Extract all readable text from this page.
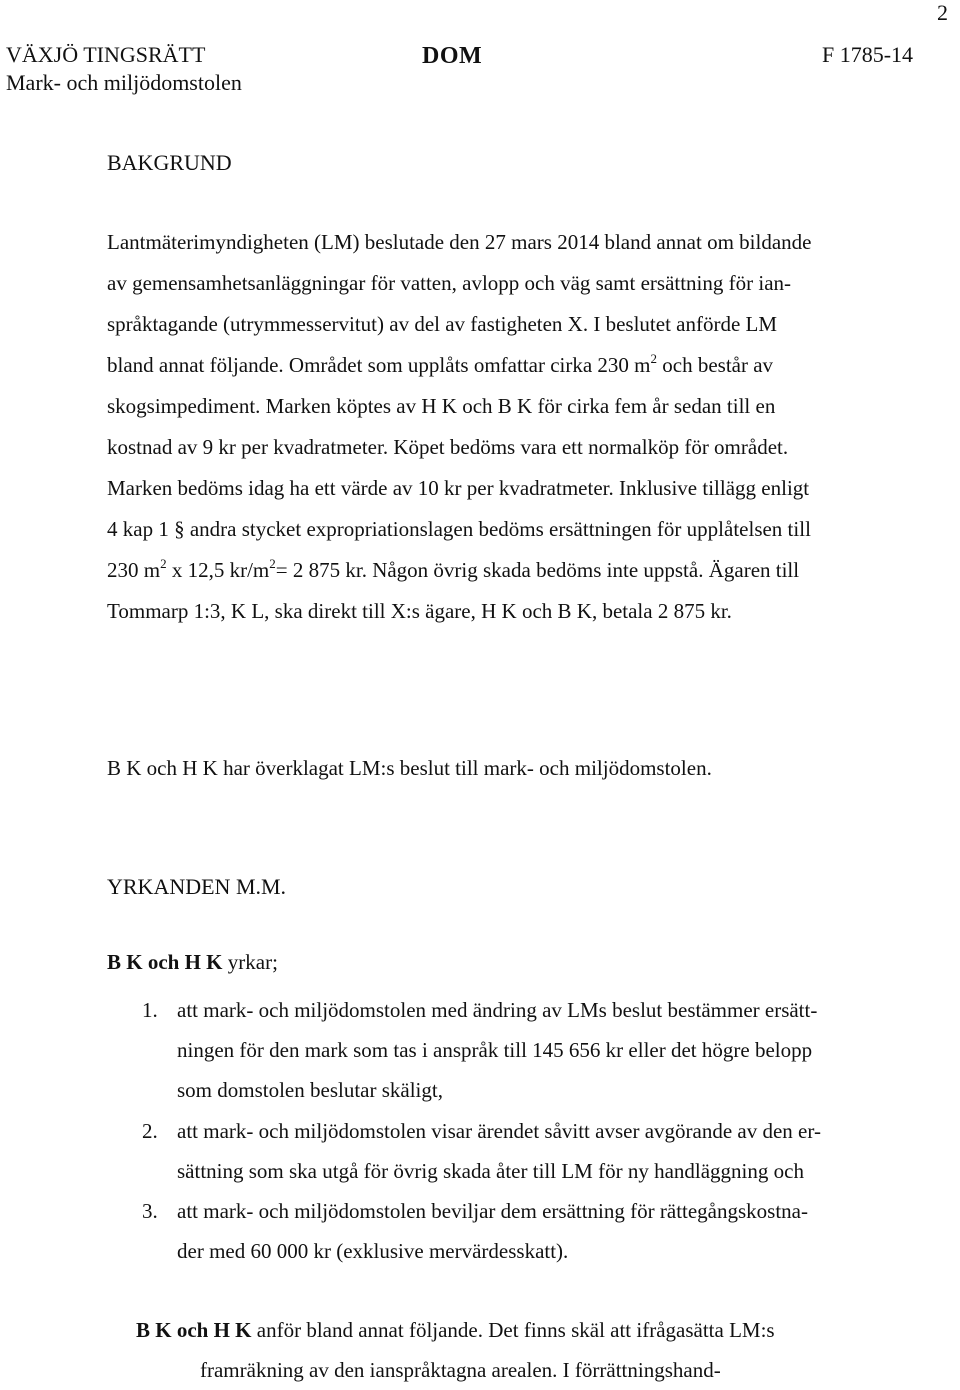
2
VÄXJÖ TINGSRÄTT
Mark- och miljödomstolen
DOM	F 1785-14
BAKGRUND
Lantmäterimyndigheten (LM) beslutade den 27 mars 2014 bland annat om bildande
av gemensamhetsanläggningar för vatten, avlopp och väg samt ersättning för ian-
språktagande (utrymmesservitut) av del av fastigheten X. I beslutet anförde LM
bland annat följande. Området som upplåts omfattar cirka 230 $m^2$ och består av
skogsimpediment. Marken köptes av H K och B K för cirka fem år sedan till en
kostnad av 9 kr per kvadratmeter. Köpet bedöms vara ett normalköp för området.
Marken bedöms idag ha ett värde av 10 kr per kvadratmeter. Inklusive tillägg enligt
4 kap 1 § andra stycket expropriationslagen bedöms ersättningen för upplåtelsen till
230 $m^2$ x 12,5 $kr/m^2= 2$ 875 kr. Någon övrig skada bedöms inte uppstå. Ägaren till
Tommarp 1:3, K L, ska direkt till X:s ägare, H K och B K, betala 2 875 kr.
B K och H K har överklagat LM:s beslut till mark- och miljödomstolen.
YRKANDEN M.M.
B K och H K yrkar;
1. att mark- och miljödomstolen med ändring av LMs beslut bestämmer ersätt-
ningen för den mark som tas i anspråk till 145 656 kr eller det högre belopp
som domstolen beslutar skäligt,
2. att mark- och miljödomstolen visar ärendet såvitt avser avgörande av den er-
sättning som ska utgå för övrig skada åter till LM för ny handläggning och
3. att mark- och miljödomstolen beviljar dem ersättning för rättegångskostna-
der med 60 000 kr (exklusive mervärdesskatt).
B K och H K anför bland annat följande. Det finns skäl att ifrågasätta LM:s
framräkning av den ianspråktagna arealen. I förrättningshand-
